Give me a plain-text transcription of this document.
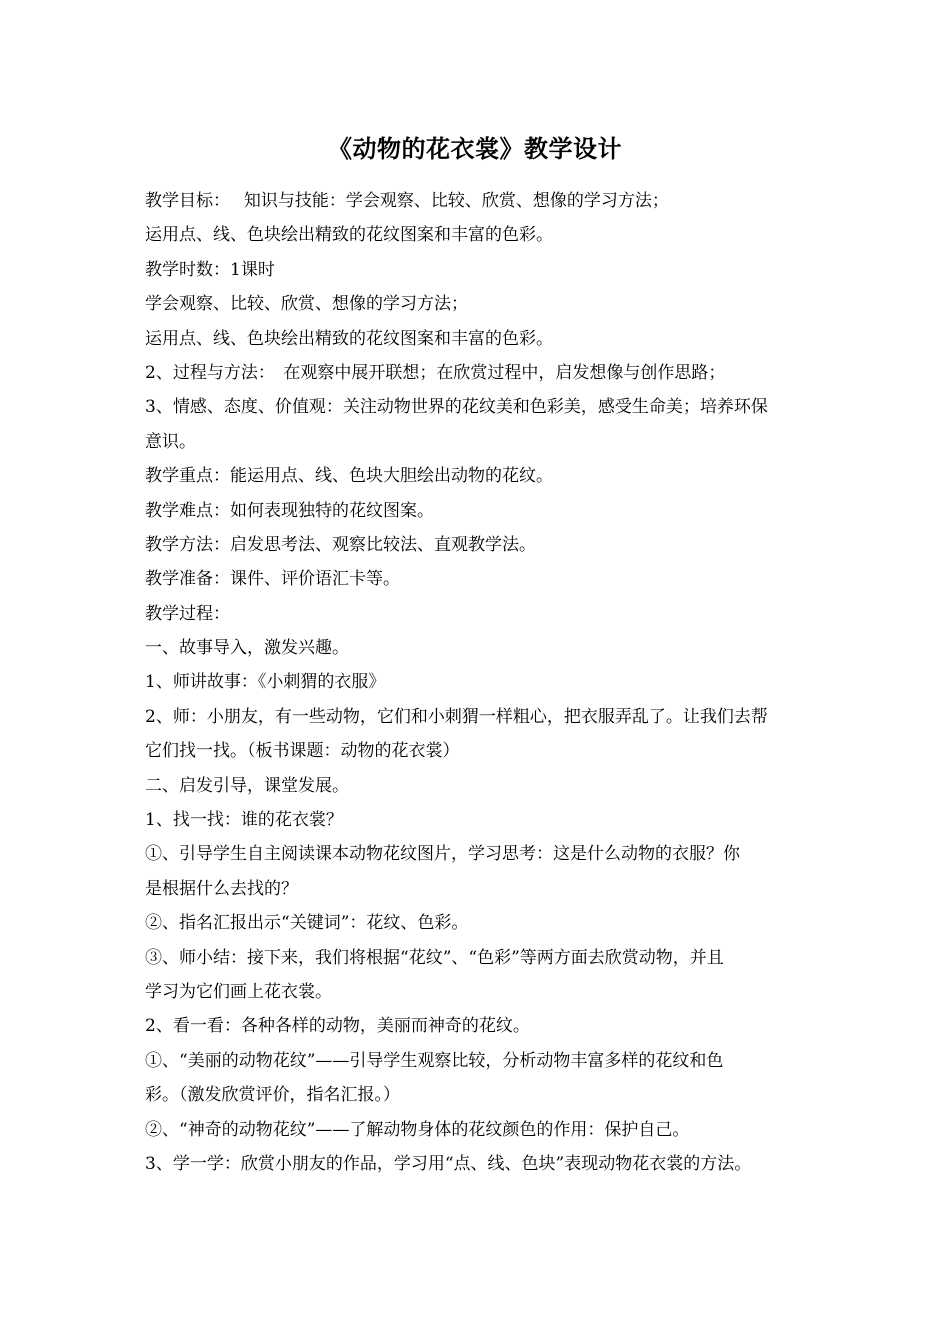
《动物的花衣裳》教学设计
教学目标：　 知识与技能：学会观察、比较、欣赏、想像的学习方法；
运用点、线、色块绘出精致的花纹图案和丰富的色彩。
教学时数：1课时
学会观察、比较、欣赏、想像的学习方法；
运用点、线、色块绘出精致的花纹图案和丰富的色彩。
2、过程与方法：　在观察中展开联想；在欣赏过程中，启发想像与创作思路；
3、情感、态度、价值观：关注动物世界的花纹美和色彩美，感受生命美；培养环保
意识。
教学重点：能运用点、线、色块大胆绘出动物的花纹。
教学难点：如何表现独特的花纹图案。
教学方法：启发思考法、观察比较法、直观教学法。
教学准备：课件、评价语汇卡等。
教学过程：
一、故事导入，激发兴趣。
1、师讲故事：《小刺猬的衣服》
2、师：小朋友，有一些动物，它们和小刺猬一样粗心，把衣服弄乱了。让我们去帮
它们找一找。（板书课题：动物的花衣裳）
二、启发引导，课堂发展。
1、找一找：谁的花衣裳？
①、引导学生自主阅读课本动物花纹图片，学习思考：这是什么动物的衣服？你
是根据什么去找的？
②、指名汇报出示“关键词”：花纹、色彩。
③、师小结：接下来，我们将根据“花纹”、“色彩”等两方面去欣赏动物，并且
学习为它们画上花衣裳。
2、看一看：各种各样的动物，美丽而神奇的花纹。
①、“美丽的动物花纹”——引导学生观察比较，分析动物丰富多样的花纹和色
彩。（激发欣赏评价，指名汇报。）
②、“神奇的动物花纹”——了解动物身体的花纹颜色的作用：保护自己。
3、学一学：欣赏小朋友的作品，学习用“点、线、色块”表现动物花衣裳的方法。
